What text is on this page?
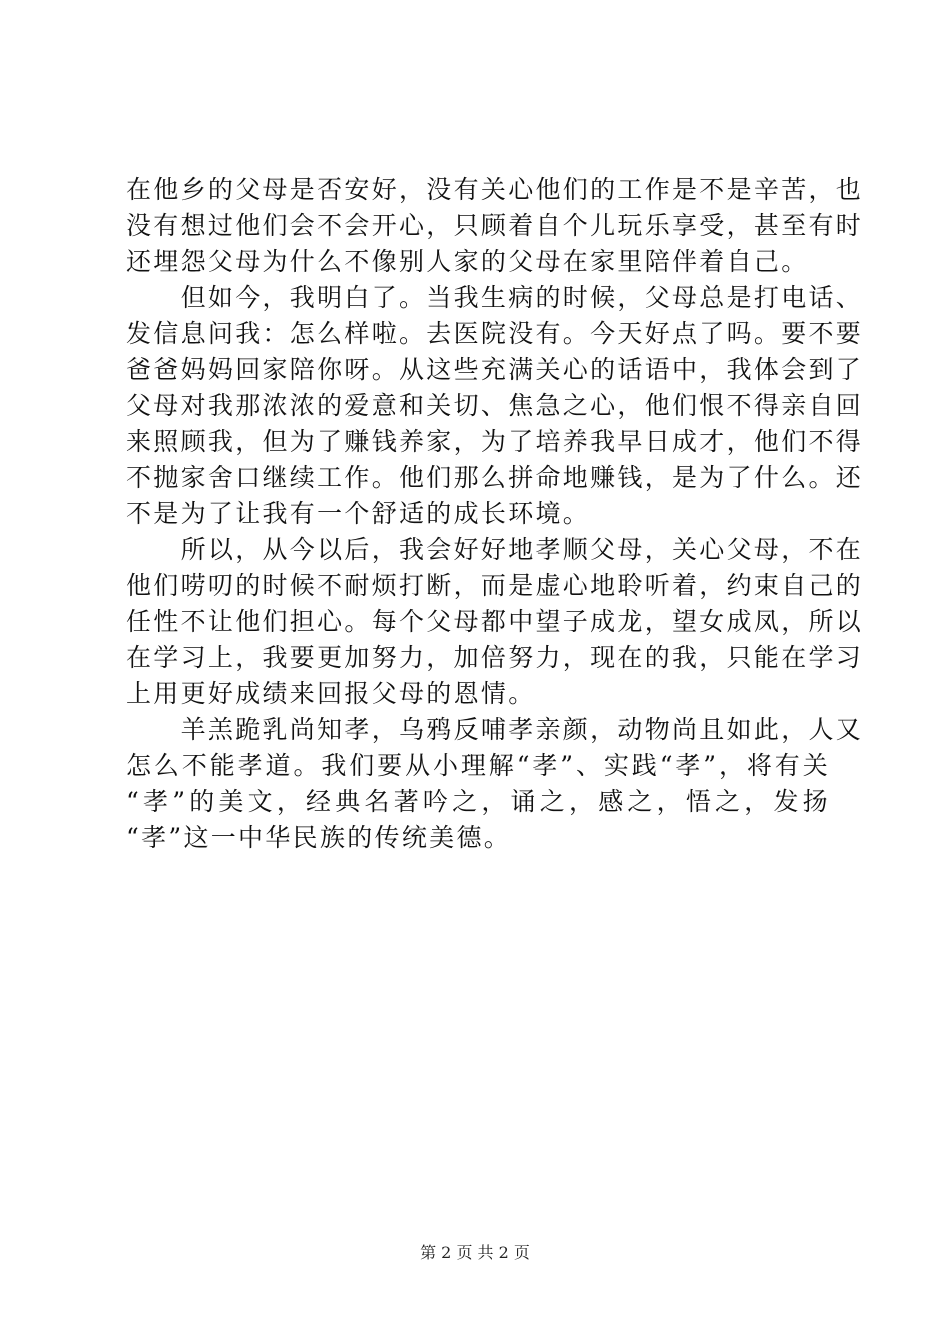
在他乡的父母是否安好，没有关心他们的工作是不是辛苦，也
没有想过他们会不会开心，只顾着自个儿玩乐享受，甚至有时
还埋怨父母为什么不像别人家的父母在家里陪伴着自己。
　　但如今，我明白了。当我生病的时候，父母总是打电话、
发信息问我：怎么样啦。去医院没有。今天好点了吗。要不要
爸爸妈妈回家陪你呀。从这些充满关心的话语中，我体会到了
父母对我那浓浓的爱意和关切、焦急之心，他们恨不得亲自回
来照顾我，但为了赚钱养家，为了培养我早日成才，他们不得
不抛家舍口继续工作。他们那么拼命地赚钱，是为了什么。还
不是为了让我有一个舒适的成长环境。
　　所以，从今以后，我会好好地孝顺父母，关心父母，不在
他们唠叨的时候不耐烦打断，而是虚心地聆听着，约束自己的
任性不让他们担心。每个父母都中望子成龙，望女成凤，所以
在学习上，我要更加努力，加倍努力，现在的我，只能在学习
上用更好成绩来回报父母的恩情。
　　羊羔跪乳尚知孝，乌鸦反哺孝亲颜，动物尚且如此，人又
怎么不能孝道。我们要从小理解“孝”、实践“孝”，将有关
“孝”的美文，经典名著吟之，诵之，感之，悟之，发扬
“孝”这一中华民族的传统美德。
第 2 页 共 2 页
